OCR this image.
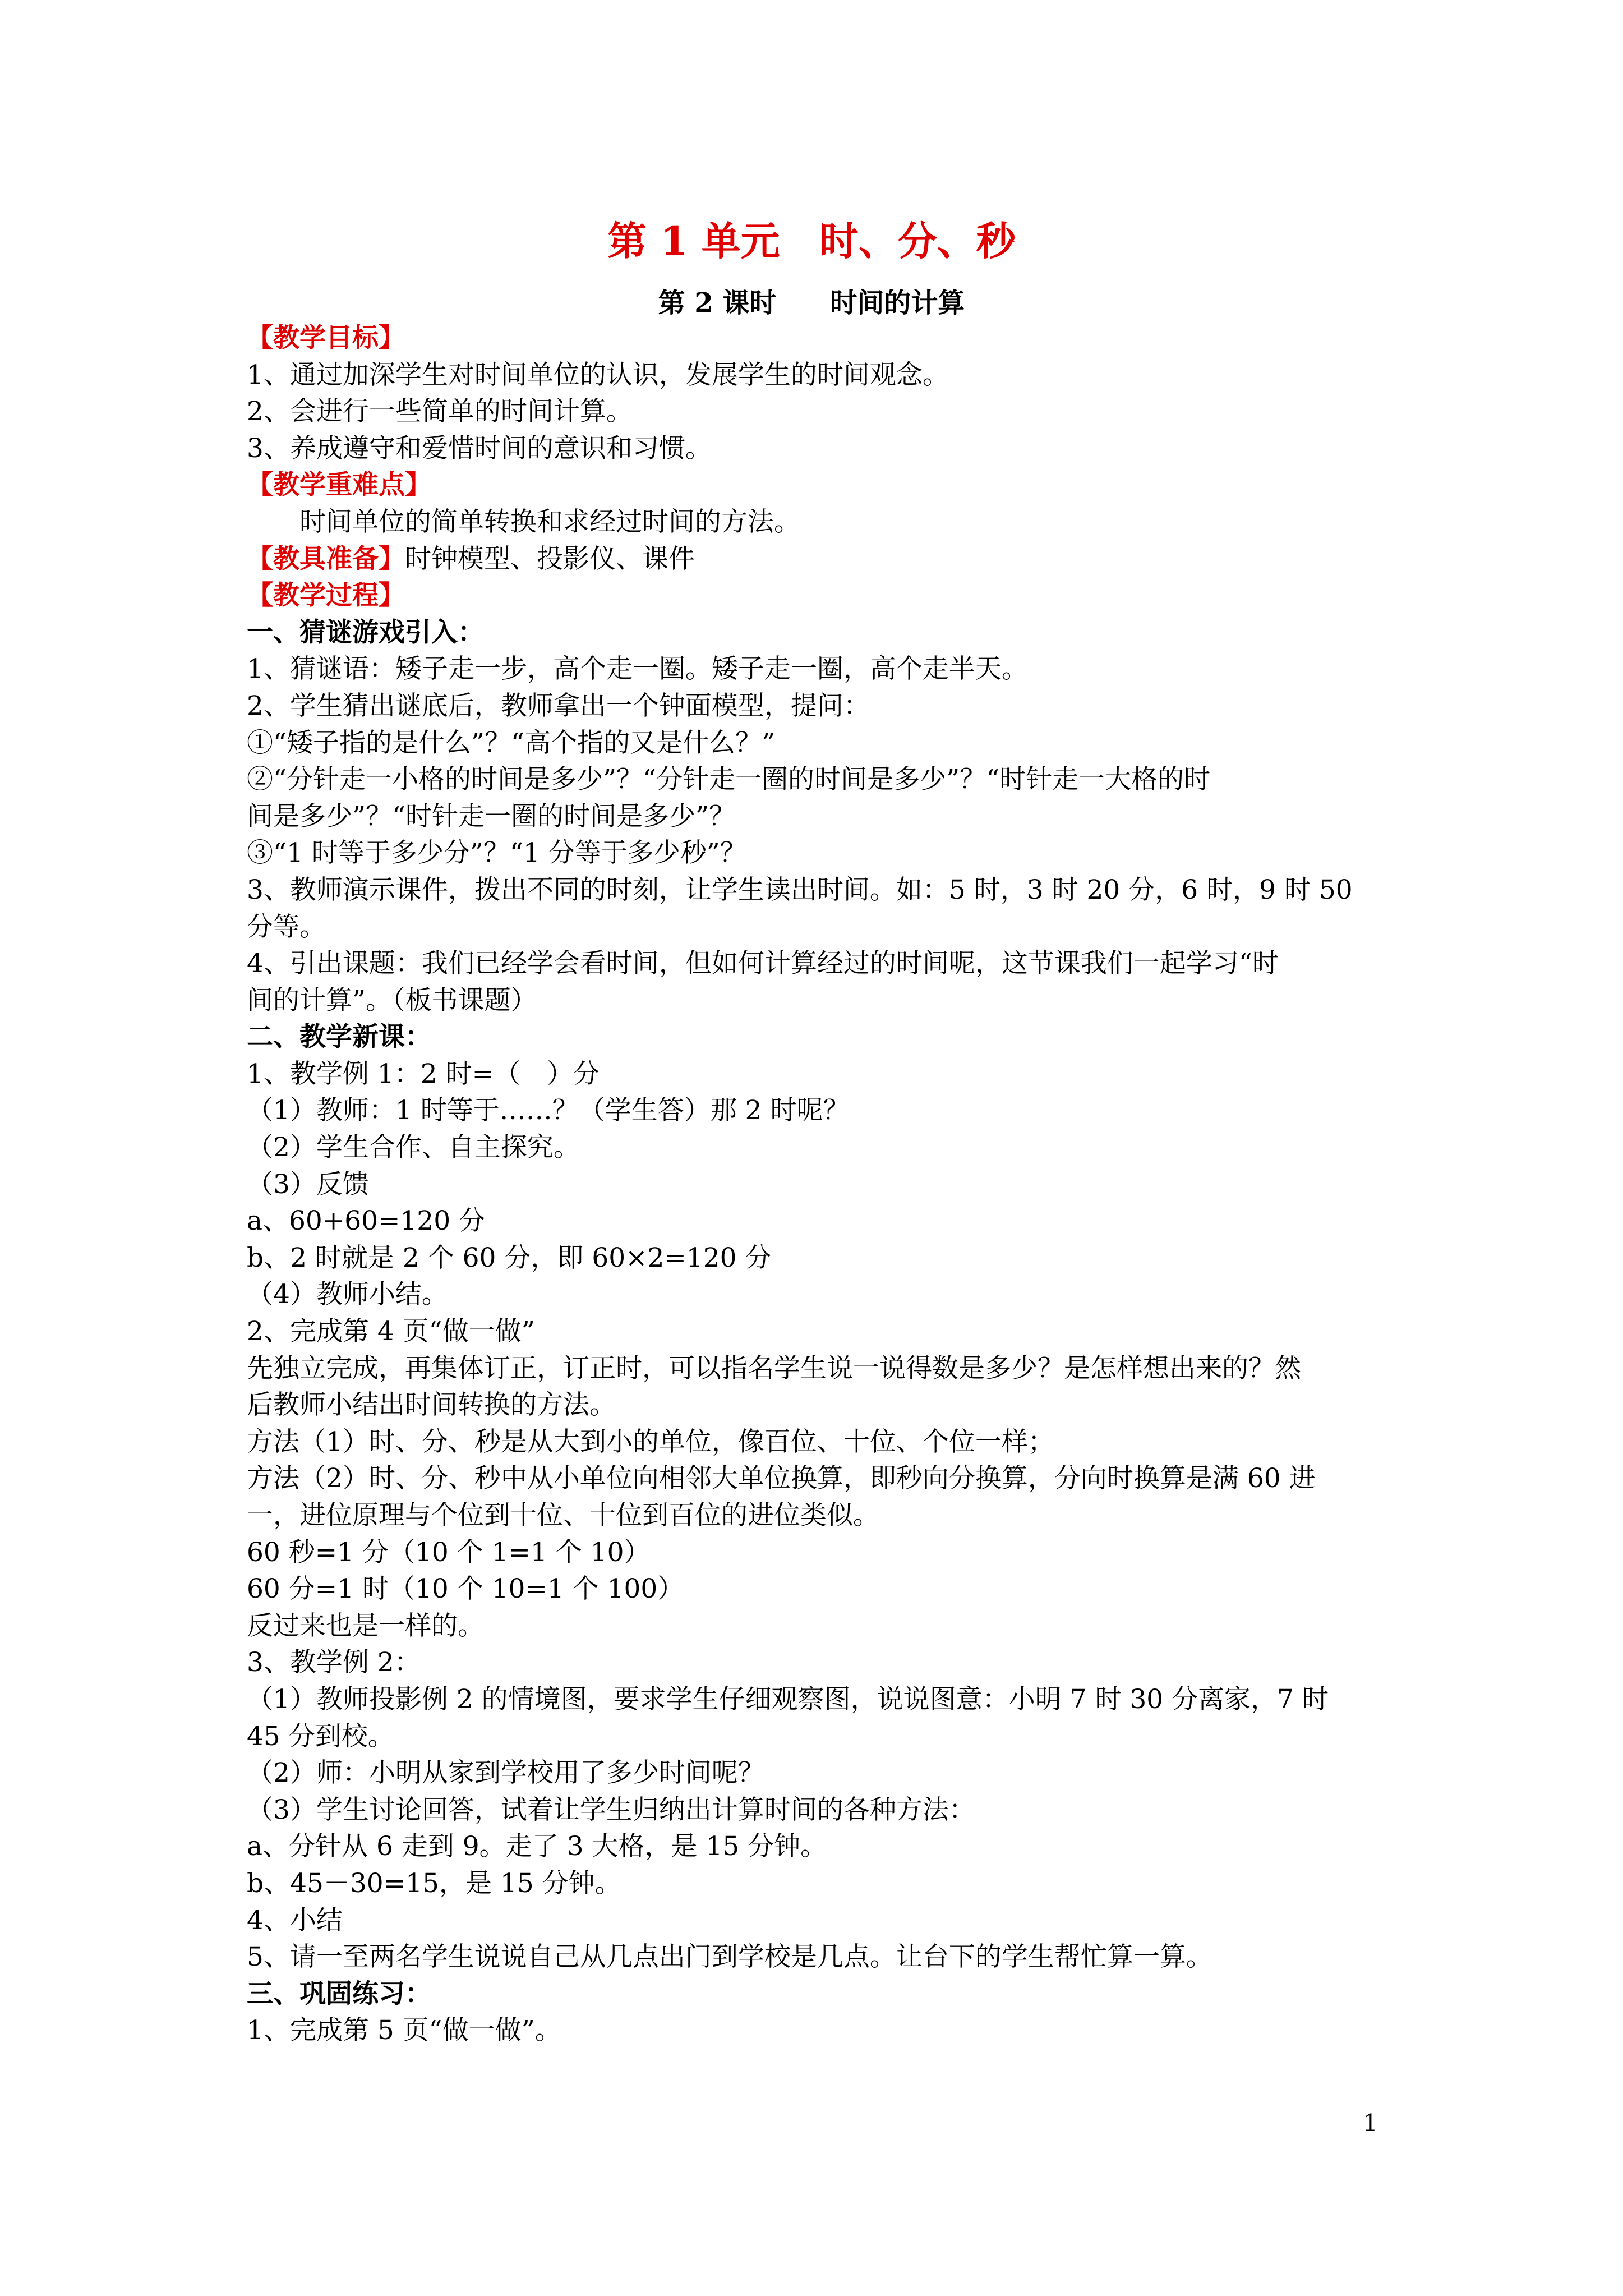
第 1 单元　时、分、秒
第 2 课时　　时间的计算
【教学目标】
1、通过加深学生对时间单位的认识，发展学生的时间观念。
2、会进行一些简单的时间计算。
3、养成遵守和爱惜时间的意识和习惯。
【教学重难点】
时间单位的简单转换和求经过时间的方法。
【教具准备】时钟模型、投影仪、课件
【教学过程】
一、猜谜游戏引入：
1、猜谜语：矮子走一步，高个走一圈。矮子走一圈，高个走半天。
2、学生猜出谜底后，教师拿出一个钟面模型，提问：
①“矮子指的是什么”？“高个指的又是什么？”
②“分针走一小格的时间是多少”？“分针走一圈的时间是多少”？“时针走一大格的时
间是多少”？“时针走一圈的时间是多少”？
③“1 时等于多少分”？“1 分等于多少秒”？
3、教师演示课件，拨出不同的时刻，让学生读出时间。如：5 时，3 时 20 分，6 时，9 时 50
分等。
4、引出课题：我们已经学会看时间，但如何计算经过的时间呢，这节课我们一起学习“时
间的计算”。（板书课题）
二、教学新课：
1、教学例 1：2 时=（　）分
（1）教师：1 时等于……？（学生答）那 2 时呢？
（2）学生合作、自主探究。
（3）反馈
a、60+60=120 分
b、2 时就是 2 个 60 分，即 60×2=120 分
（4）教师小结。
2、完成第 4 页“做一做”
先独立完成，再集体订正，订正时，可以指名学生说一说得数是多少？是怎样想出来的？然
后教师小结出时间转换的方法。
方法（1）时、分、秒是从大到小的单位，像百位、十位、个位一样；
方法（2）时、分、秒中从小单位向相邻大单位换算，即秒向分换算，分向时换算是满 60 进
一，进位原理与个位到十位、十位到百位的进位类似。
60 秒=1 分（10 个 1=1 个 10）
60 分=1 时（10 个 10=1 个 100）
反过来也是一样的。
3、教学例 2：
（1）教师投影例 2 的情境图，要求学生仔细观察图，说说图意：小明 7 时 30 分离家，7 时
45 分到校。
（2）师：小明从家到学校用了多少时间呢？
（3）学生讨论回答，试着让学生归纳出计算时间的各种方法：
a、分针从 6 走到 9。走了 3 大格，是 15 分钟。
b、45－30=15，是 15 分钟。
4、小结
5、请一至两名学生说说自己从几点出门到学校是几点。让台下的学生帮忙算一算。
三、巩固练习：
1、完成第 5 页“做一做”。
1
